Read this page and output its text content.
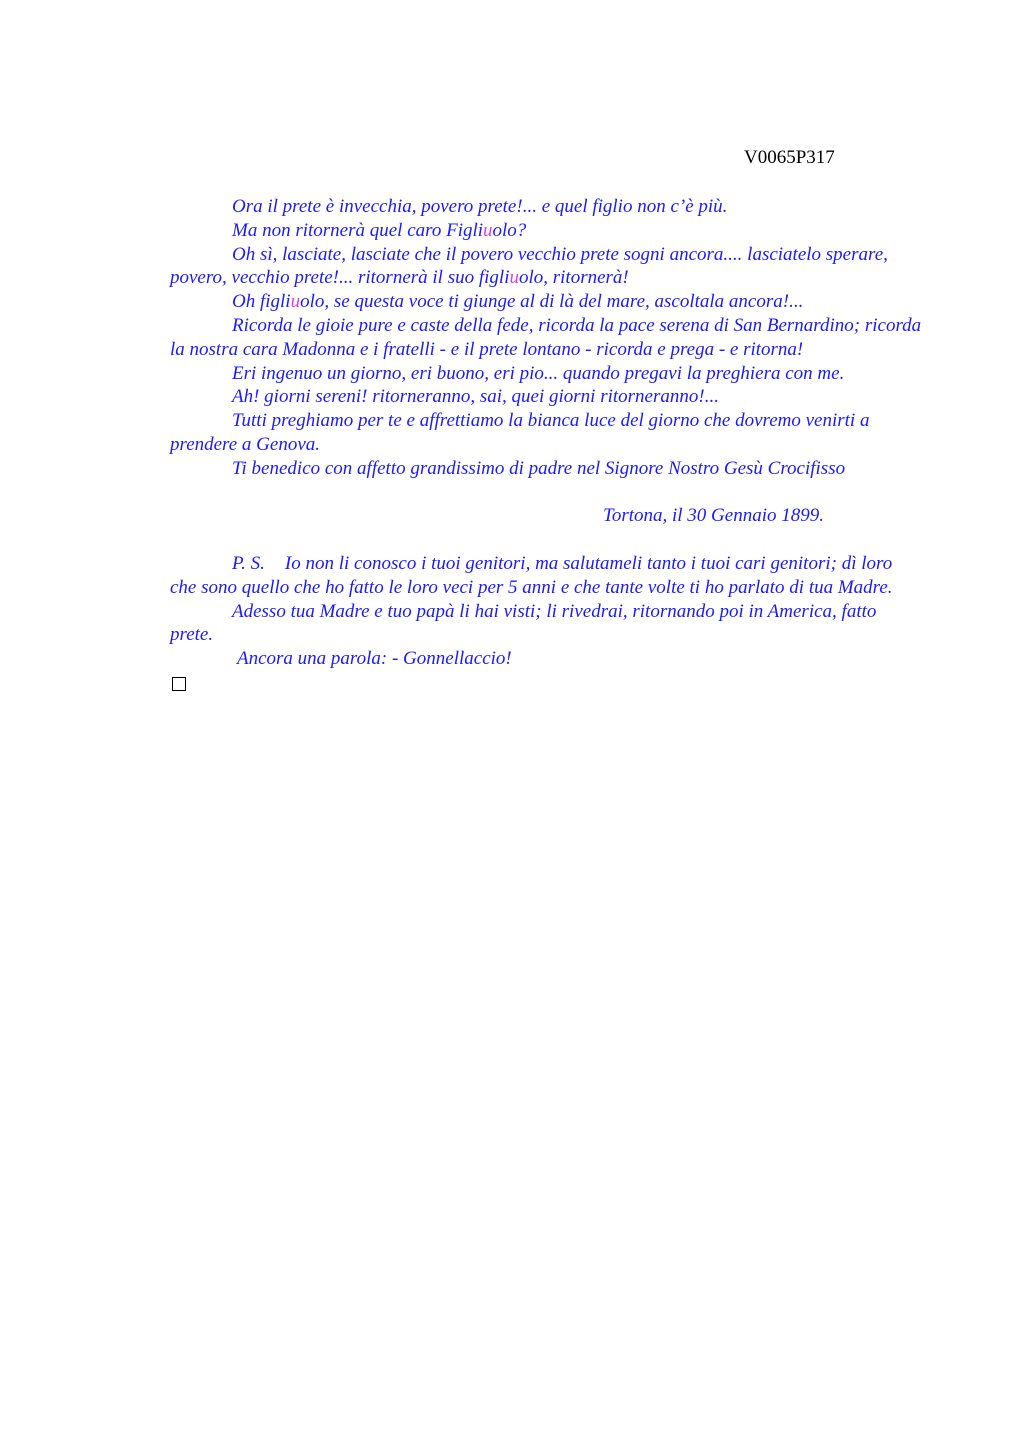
V0065P317

Ora il prete è invecchia, povero prete!... e quel figlio non c’è più.

Ma non ritornerà quel caro Figliuolo?

Oh sì, lasciate, lasciate che il povero vecchio prete sogni ancora.... lasciatelo sperare, povero, vecchio prete!... ritornerà il suo figliuolo, ritornerà!

Oh figliuolo, se questa voce ti giunge al di là del mare, ascoltala ancora!...

Ricorda le gioie pure e caste della fede, ricorda la pace serena di San Bernardino; ricorda la nostra cara Madonna e i fratelli - e il prete lontano - ricorda e prega - e ritorna!

Eri ingenuo un giorno, eri buono, eri pio... quando pregavi la preghiera con me.

Ah! giorni sereni! ritorneranno, sai, quei giorni ritorneranno!...

Tutti preghiamo per te e affrettiamo la bianca luce del giorno che dovremo venirti a prendere a Genova.

Ti benedico con affetto grandissimo di padre nel Signore Nostro Gesù Crocifisso

Tortona, il 30 Gennaio 1899.

P. S. Io non li conosco i tuoi genitori, ma salutameli tanto i tuoi cari genitori; dì loro che sono quello che ho fatto le loro veci per 5 anni e che tante volte ti ho parlato di tua Madre.

Adesso tua Madre e tuo papà li hai visti; li rivedrai, ritornando poi in America, fatto prete.

Ancora una parola: - Gonnellaccio!
